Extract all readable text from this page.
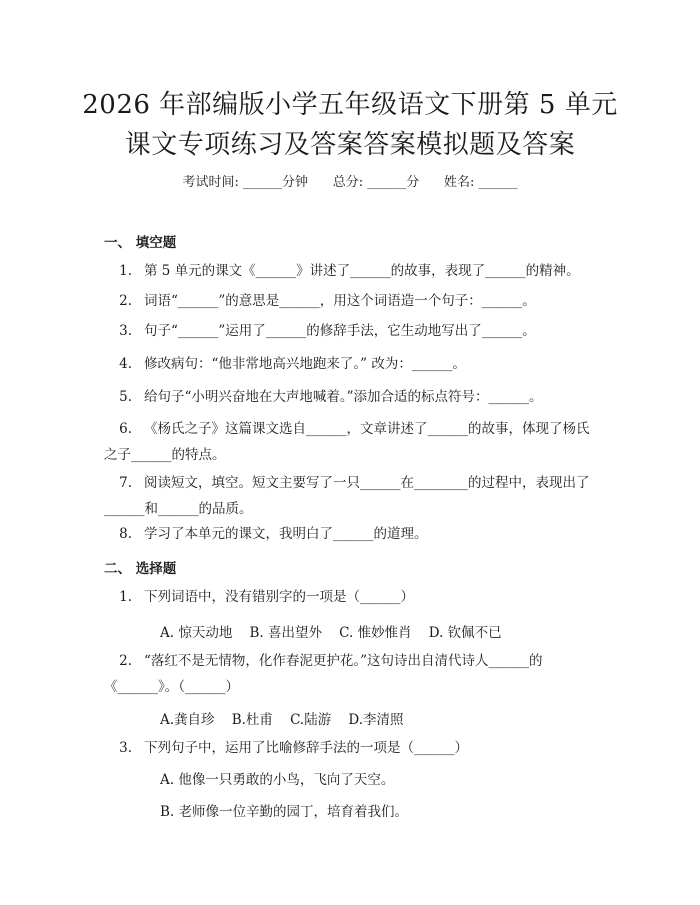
2026 年部编版小学五年级语文下册第 5 单元
课文专项练习及答案答案模拟题及答案
考试时间: ______分钟      总分: ______分      姓名: ______
一、 填空题
1. 第 5 单元的课文《______》讲述了______的故事，表现了______的精神。
2. 词语“______”的意思是______，用这个词语造一个句子：______。
3. 句子“______”运用了______的修辞手法，它生动地写出了______。
4. 修改病句：“他非常地高兴地跑来了。” 改为：______。
5. 给句子“小明兴奋地在大声地喊着。”添加合适的标点符号：______。
6. 《杨氏之子》这篇课文选自______，文章讲述了______的故事，体现了杨氏之子______的特点。
7. 阅读短文，填空。短文主要写了一只______在________的过程中，表现出了______和______的品质。
8. 学习了本单元的课文，我明白了______的道理。
二、 选择题
1. 下列词语中，没有错别字的一项是（______）
A. 惊天动地    B. 喜出望外    C. 惟妙惟肖    D. 钦佩不已
2. “落红不是无情物，化作春泥更护花。”这句诗出自清代诗人______的《______》。（______）
A.龚自珍    B.杜甫    C.陆游    D.李清照
3. 下列句子中，运用了比喻修辞手法的一项是（______）
A. 他像一只勇敢的小鸟，飞向了天空。
B. 老师像一位辛勤的园丁，培育着我们。
